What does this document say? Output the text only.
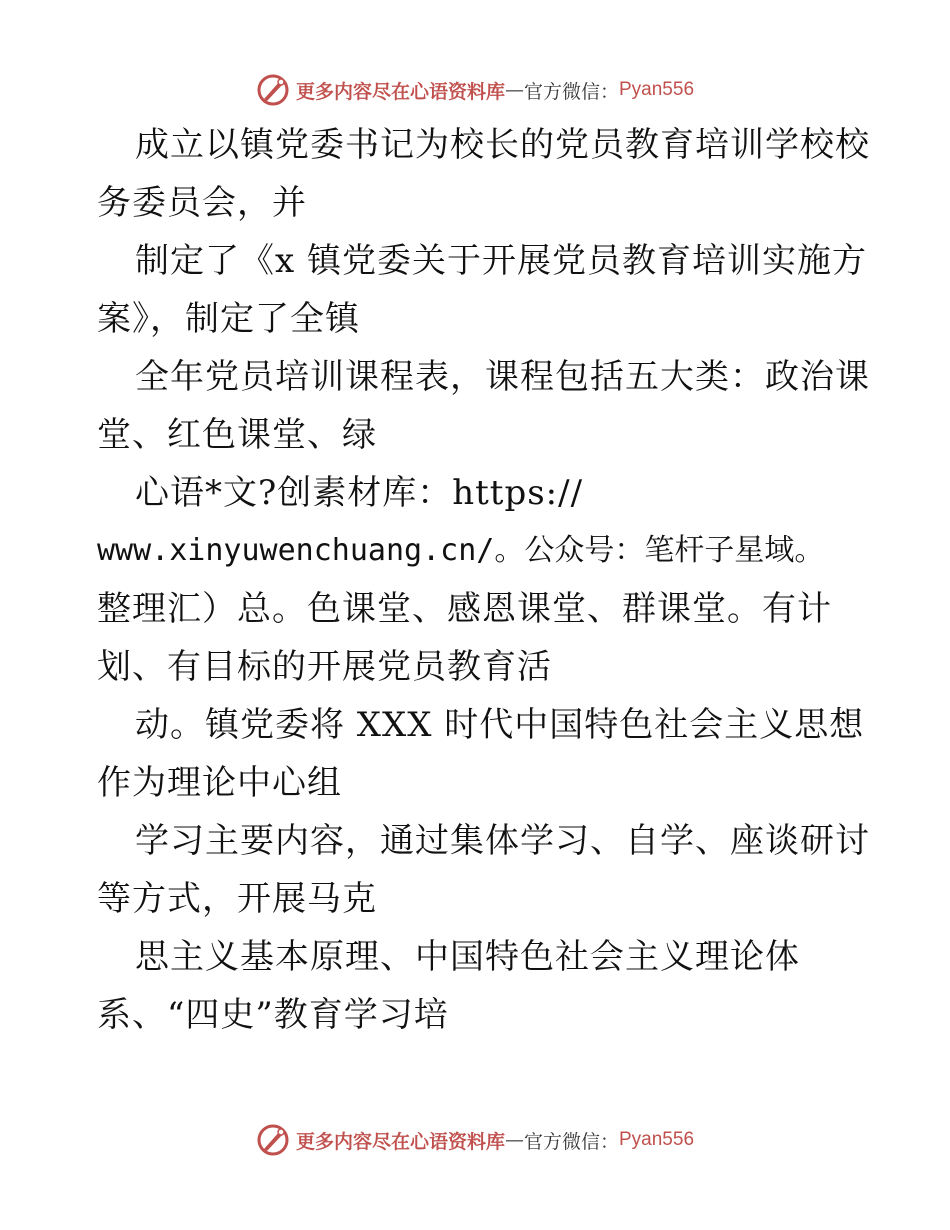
更多内容尽在心语资料库 — 官方微信： Pyan556
成立以镇党委书记为校长的党员教育培训学校校
务委员会，并
制定了《x 镇党委关于开展党员教育培训实施方
案》，制定了全镇
全年党员培训课程表，课程包括五大类：政治课
堂、红色课堂、绿
心语*文?创素材库：https://
www.xinyuwenchuang.cn/。公众号：笔杆子星域。
整理汇）总。色课堂、感恩课堂、群课堂。有计
划、有目标的开展党员教育活
动。镇党委将 XXX 时代中国特色社会主义思想
作为理论中心组
学习主要内容，通过集体学习、自学、座谈研讨
等方式，开展马克
思主义基本原理、中国特色社会主义理论体
系、“四史”教育学习培
更多内容尽在心语资料库 — 官方微信： Pyan556
